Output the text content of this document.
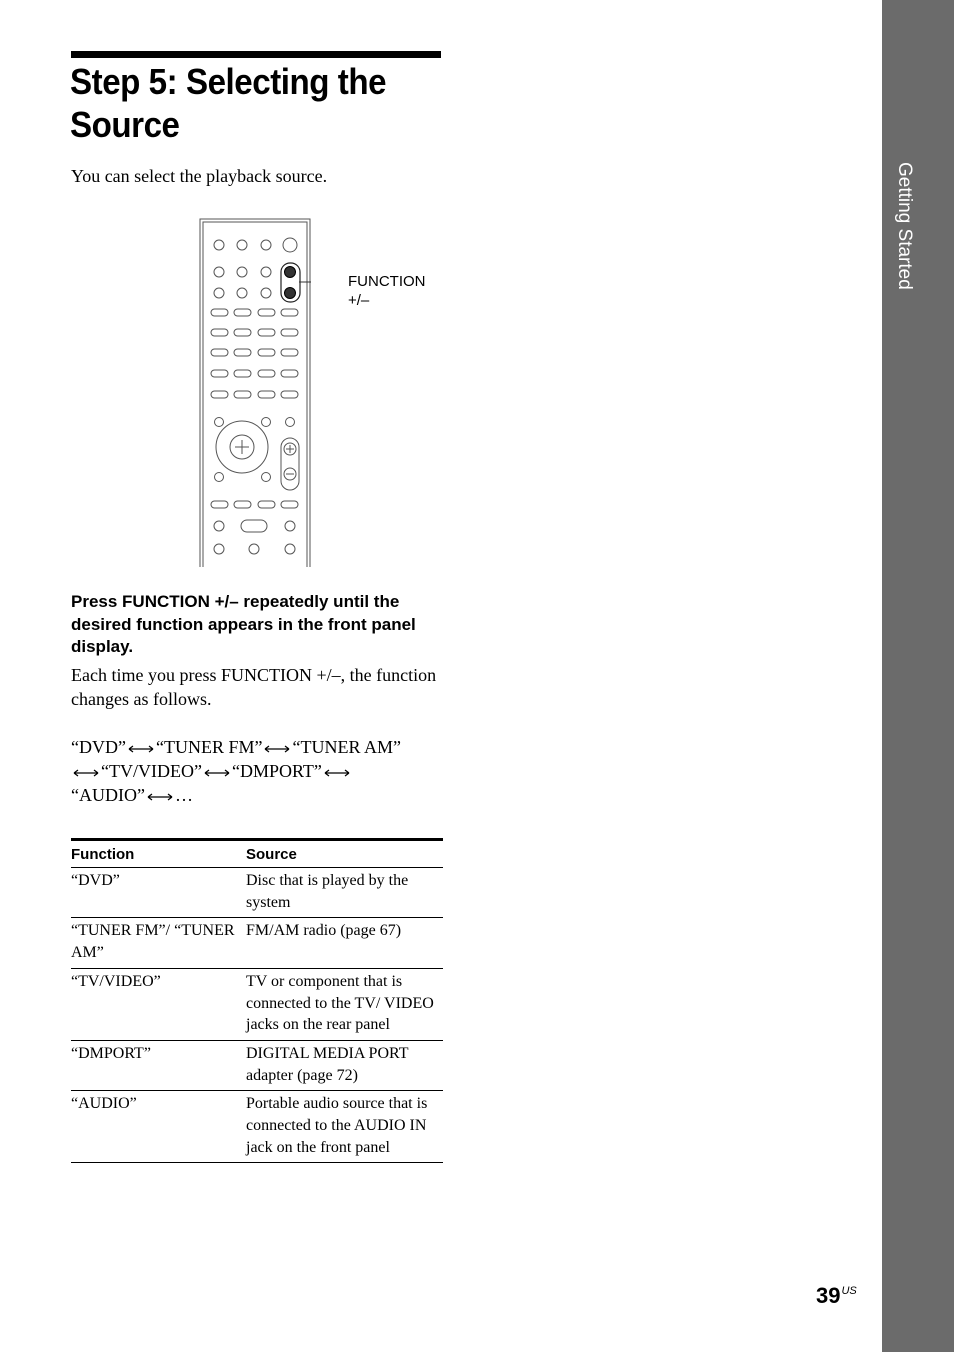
Getting Started
Step 5: Selecting the Source
You can select the playback source.
FUNCTION
+/–

Press FUNCTION +/– repeatedly until the desired function appears in the front panel display.

Each time you press FUNCTION +/–, the function changes as follows.

“DVD” “TUNER FM” “TUNER AM”
“TV/VIDEO” “DMPORT”
“AUDIO” …

Function	Source
“DVD”	Disc that is played by the system
“TUNER FM”/ “TUNER AM”	FM/AM radio (page 67)
“TV/VIDEO”	TV or component that is connected to the TV/ VIDEO jacks on the rear panel
“DMPORT”	DIGITAL MEDIA PORT adapter (page 72)
“AUDIO”	Portable audio source that is connected to the AUDIO IN jack on the front panel
$39^{US}$
